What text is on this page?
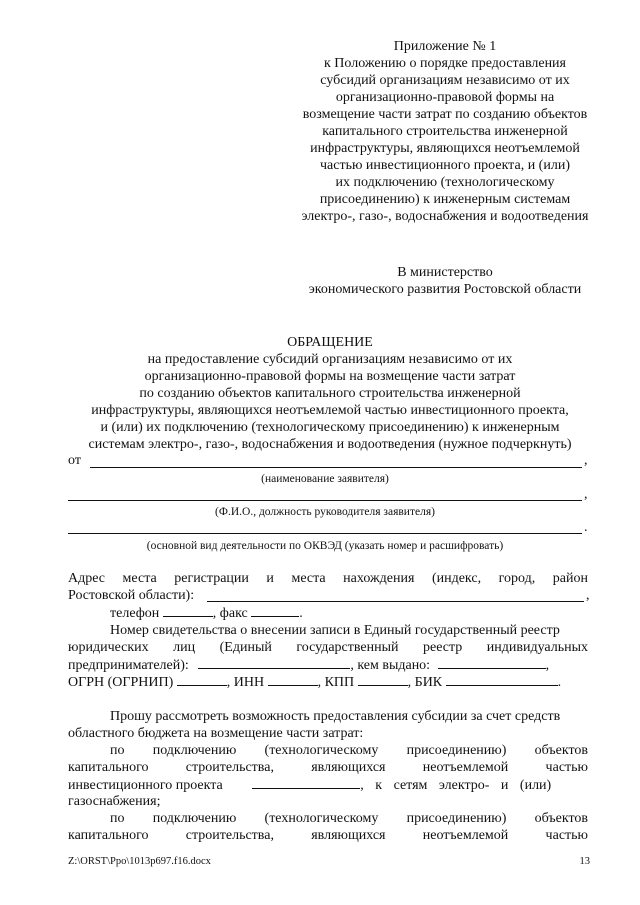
Приложение № 1
к Положению о порядке предоставления
субсидий организациям независимо от их
организационно-правовой формы на
возмещение части затрат по созданию объектов
капитального строительства инженерной
инфраструктуры, являющихся неотъемлемой
частью инвестиционного проекта, и (или)
их подключению (технологическому
присоединению) к инженерным системам
электро-, газо-, водоснабжения и водоотведения
В министерство
экономического развития Ростовской области
ОБРАЩЕНИЕ
на предоставление субсидий организациям независимо от их
организационно-правовой формы на возмещение части затрат
по созданию объектов капитального строительства инженерной
инфраструктуры, являющихся неотъемлемой частью инвестиционного проекта,
и (или) их подключению (технологическому присоединению) к инженерным
системам электро-, газо-, водоснабжения и водоотведения (нужное подчеркнуть)
от	,
(наименование заявителя)
,
(Ф.И.О., должность руководителя заявителя)
.
(основной вид деятельности по ОКВЭД (указать номер и расшифровать)
Адрес места регистрации и места нахождения (индекс, город, район
Ростовской области):	,
телефон	, факс	.
Номер свидетельства о внесении записи в Единый государственный реестр
юридических лиц (Единый государственный реестр индивидуальных
предпринимателей):	, кем выдано:	,
ОГРН (ОГРНИП)	, ИНН	, КПП	, БИК	.
Прошу рассмотреть возможность предоставления субсидии за счет средств
областного бюджета на возмещение части затрат:
по подключению (технологическому присоединению) объектов
капитального строительства, являющихся неотъемлемой частью
инвестиционного проекта	, к сетям электро- и (или)
газоснабжения;
по подключению (технологическому присоединению) объектов
капитального строительства, являющихся неотъемлемой частью
Z:\ORST\Ppo\1013p697.f16.docx	13
